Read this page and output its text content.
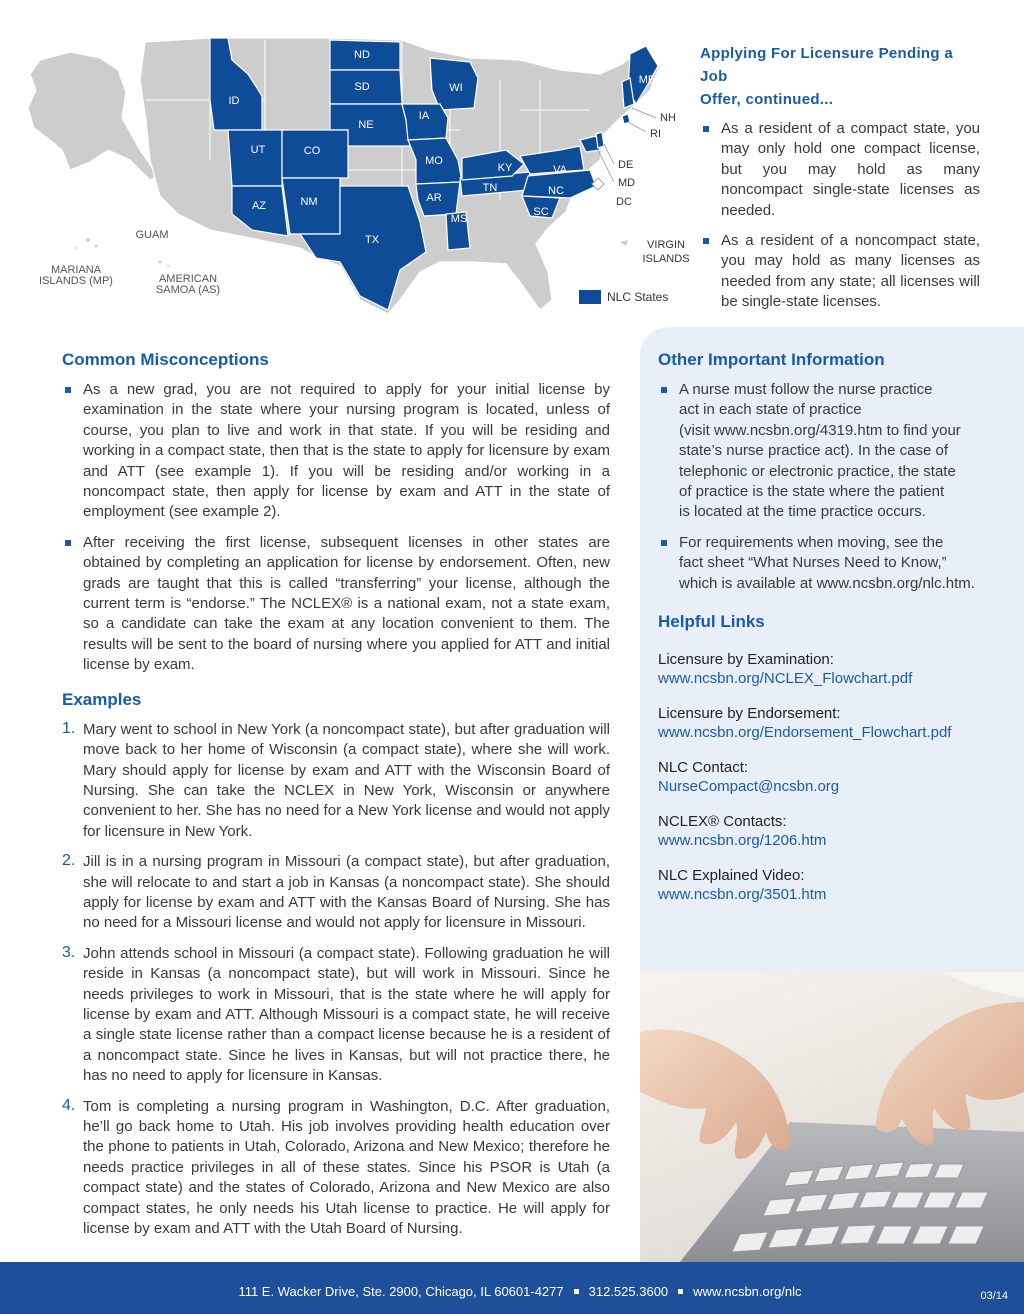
ND
SD
NE
WI
IA
MO
AR
MS
TN
KY	VA
NC
SC
ID
UT	CO
AZ	NM
TX
ME
NH
RI
DE
MD
DC
GUAM
MARIANA
ISLANDS (MP)	AMERICAN
SAMOA (AS)
VIRGIN
ISLANDS
NLC States
Applying For Licensure Pending a Job
Offer, continued...
As a resident of a compact state, you may only hold one compact license, but you may hold as many noncompact single-state licenses as needed.
As a resident of a noncompact state, you may hold as many licenses as needed from any state; all licenses will be single-state licenses.
Common Misconceptions
As a new grad, you are not required to apply for your initial license by examination in the state where your nursing program is located, unless of course, you plan to live and work in that state. If you will be residing and working in a compact state, then that is the state to apply for licensure by exam and ATT (see example 1). If you will be residing and/or working in a noncompact state, then apply for license by exam and ATT in the state of employment (see example 2).
After receiving the first license, subsequent licenses in other states are obtained by completing an application for license by endorsement. Often, new grads are taught that this is called “transferring” your license, although the current term is “endorse.” The NCLEX® is a national exam, not a state exam, so a candidate can take the exam at any location convenient to them. The results will be sent to the board of nursing where you applied for ATT and initial license by exam.
Examples
1. Mary went to school in New York (a noncompact state), but after graduation will move back to her home of Wisconsin (a compact state), where she will work. Mary should apply for license by exam and ATT with the Wisconsin Board of Nursing. She can take the NCLEX in New York, Wisconsin or anywhere convenient to her. She has no need for a New York license and would not apply for licensure in New York.
2. Jill is in a nursing program in Missouri (a compact state), but after graduation, she will relocate to and start a job in Kansas (a noncompact state). She should apply for license by exam and ATT with the Kansas Board of Nursing. She has no need for a Missouri license and would not apply for licensure in Missouri.
3. John attends school in Missouri (a compact state). Following graduation he will reside in Kansas (a noncompact state), but will work in Missouri. Since he needs privileges to work in Missouri, that is the state where he will apply for license by exam and ATT. Although Missouri is a compact state, he will receive a single state license rather than a compact license because he is a resident of a noncompact state. Since he lives in Kansas, but will not practice there, he has no need to apply for licensure in Kansas.
4. Tom is completing a nursing program in Washington, D.C. After graduation, he’ll go back home to Utah. His job involves providing health education over the phone to patients in Utah, Colorado, Arizona and New Mexico; therefore he needs practice privileges in all of these states. Since his PSOR is Utah (a compact state) and the states of Colorado, Arizona and New Mexico are also compact states, he only needs his Utah license to practice. He will apply for license by exam and ATT with the Utah Board of Nursing.
Other Important Information
A nurse must follow the nurse practice
act in each state of practice
(visit www.ncsbn.org/4319.htm to find your
state’s nurse practice act). In the case of
telephonic or electronic practice, the state
of practice is the state where the patient
is located at the time practice occurs.
For requirements when moving, see the
fact sheet “What Nurses Need to Know,”
which is available at www.ncsbn.org/nlc.htm.
Helpful Links
Licensure by Examination:
www.ncsbn.org/NCLEX_Flowchart.pdf
Licensure by Endorsement:
www.ncsbn.org/Endorsement_Flowchart.pdf
NLC Contact:
NurseCompact@ncsbn.org
NCLEX® Contacts:
www.ncsbn.org/1206.htm
NLC Explained Video:
www.ncsbn.org/3501.htm
111 E. Wacker Drive, Ste. 2900, Chicago, IL 60601-4277 312.525.3600 www.ncsbn.org/nlc	03/14
